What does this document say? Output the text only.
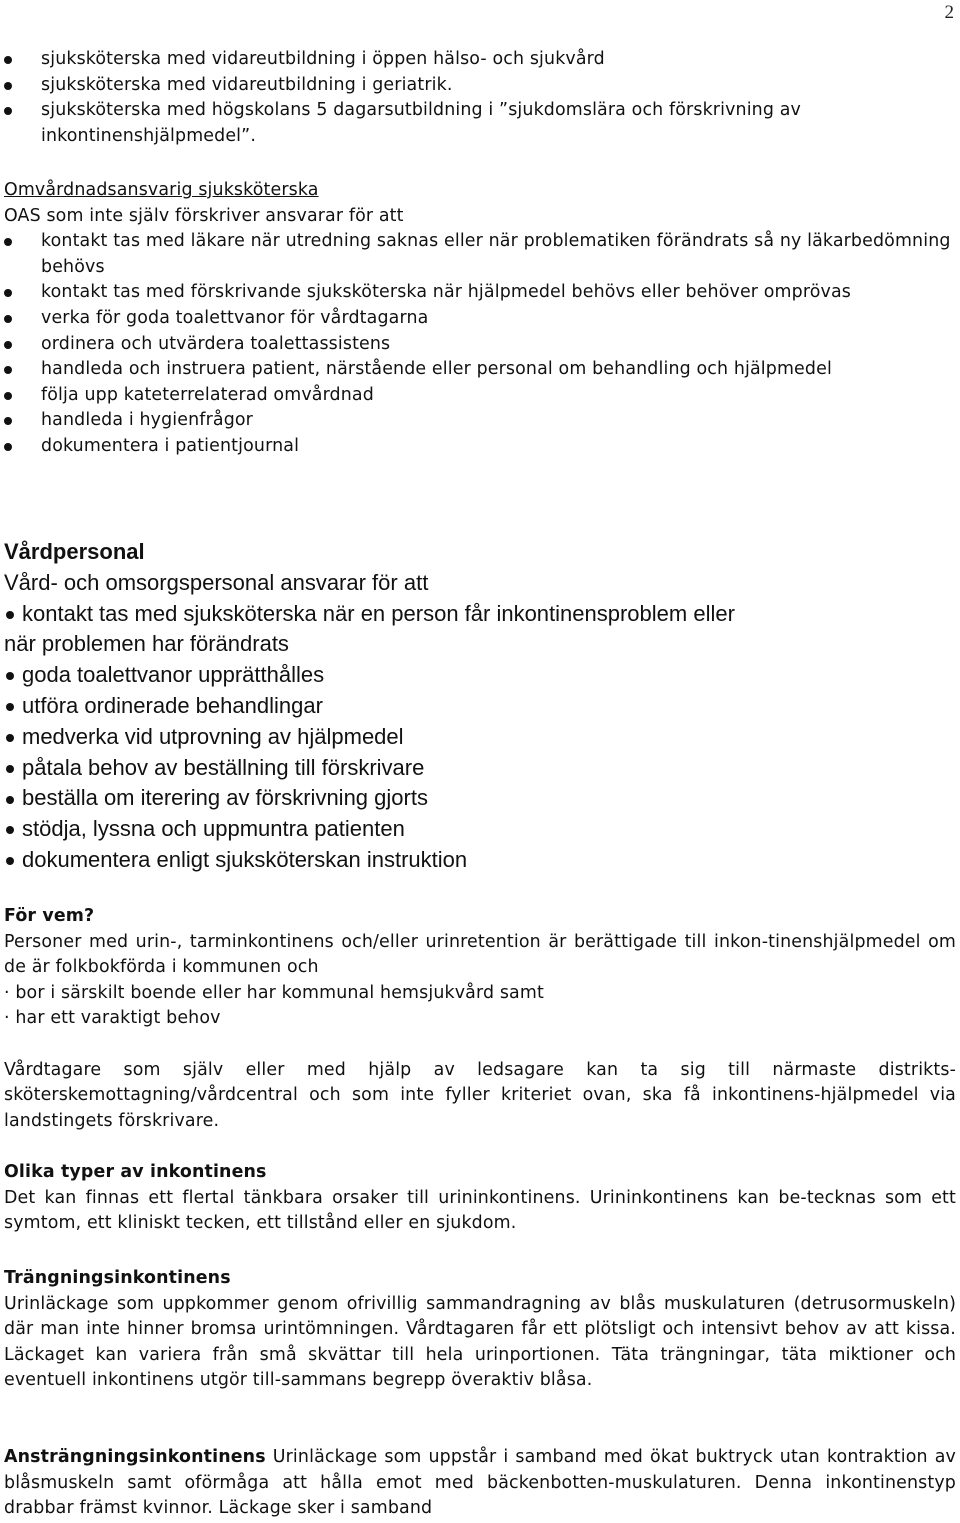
2
sjuksköterska med vidareutbildning i öppen hälso- och sjukvård
sjuksköterska med vidareutbildning i geriatrik.
sjuksköterska med högskolans 5 dagarsutbildning i ”sjukdomslära och förskrivning av inkontinenshjälpmedel”.
Omvårdnadsansvarig sjuksköterska
OAS som inte själv förskriver ansvarar för att
kontakt tas med läkare när utredning saknas eller när problematiken förändrats så ny läkarbedömning behövs
kontakt tas med förskrivande sjuksköterska när hjälpmedel behövs eller behöver omprövas
verka för goda toalettvanor för vårdtagarna
ordinera och utvärdera toalettassistens
handleda och instruera patient, närstående eller personal om behandling och hjälpmedel
följa upp kateterrelaterad omvårdnad
handleda i hygienfrågor
dokumentera i patientjournal
Vårdpersonal
Vård- och omsorgspersonal ansvarar för att
kontakt tas med sjuksköterska när en person får inkontinensproblem eller
när problemen har förändrats
goda toalettvanor upprätthålles
utföra ordinerade behandlingar
medverka vid utprovning av hjälpmedel
påtala behov av beställning till förskrivare
beställa om iterering av förskrivning gjorts
stödja, lyssna och uppmuntra patienten
dokumentera enligt sjuksköterskan instruktion
För vem?

Personer med urin-, tarminkontinens och/eller urinretention är berättigade till inkon-tinenshjälpmedel om de är folkbokförda i kommunen och

· bor i särskilt boende eller har kommunal hemsjukvård samt

· har ett varaktigt behov

Vårdtagare som själv eller med hjälp av ledsagare kan ta sig till närmaste distrikts-sköterskemottagning/vårdcentral och som inte fyller kriteriet ovan, ska få inkontinens-hjälpmedel via landstingets förskrivare.

Olika typer av inkontinens

Det kan finnas ett flertal tänkbara orsaker till urininkontinens. Urininkontinens kan be-tecknas som ett symtom, ett kliniskt tecken, ett tillstånd eller en sjukdom.

Trängningsinkontinens

Urinläckage som uppkommer genom ofrivillig sammandragning av blås muskulaturen (detrusormuskeln) där man inte hinner bromsa urintömningen. Vårdtagaren får ett plötsligt och intensivt behov av att kissa. Läckaget kan variera från små skvättar till hela urinportionen. Täta trängningar, täta miktioner och eventuell inkontinens utgör till-sammans begrepp överaktiv blåsa.

Ansträngningsinkontinens Urinläckage som uppstår i samband med ökat buktryck utan kontraktion av blåsmuskeln samt oförmåga att hålla emot med bäckenbotten-muskulaturen. Denna inkontinenstyp drabbar främst kvinnor. Läckage sker i samband
